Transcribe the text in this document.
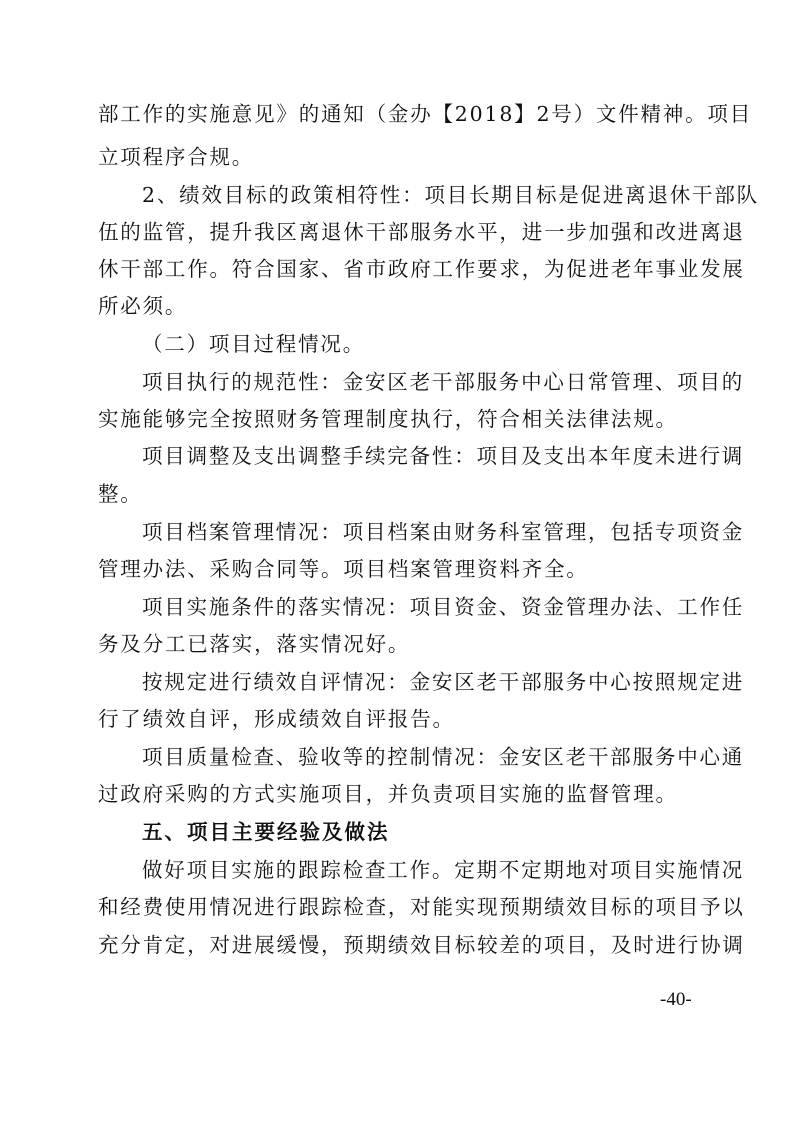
部工作的实施意见》的通知（金办【2018】2号）文件精神。项目
立项程序合规。
2、绩效目标的政策相符性：项目长期目标是促进离退休干部队
伍的监管，提升我区离退休干部服务水平，进一步加强和改进离退
休干部工作。符合国家、省市政府工作要求，为促进老年事业发展
所必须。
（二）项目过程情况。
项目执行的规范性：金安区老干部服务中心日常管理、项目的
实施能够完全按照财务管理制度执行，符合相关法律法规。
项目调整及支出调整手续完备性：项目及支出本年度未进行调
整。
项目档案管理情况：项目档案由财务科室管理，包括专项资金
管理办法、采购合同等。项目档案管理资料齐全。
项目实施条件的落实情况：项目资金、资金管理办法、工作任
务及分工已落实，落实情况好。
按规定进行绩效自评情况：金安区老干部服务中心按照规定进
行了绩效自评，形成绩效自评报告。
项目质量检查、验收等的控制情况：金安区老干部服务中心通
过政府采购的方式实施项目，并负责项目实施的监督管理。
五、项目主要经验及做法
做好项目实施的跟踪检查工作。定期不定期地对项目实施情况
和经费使用情况进行跟踪检查，对能实现预期绩效目标的项目予以
充分肯定，对进展缓慢，预期绩效目标较差的项目，及时进行协调
-40-
